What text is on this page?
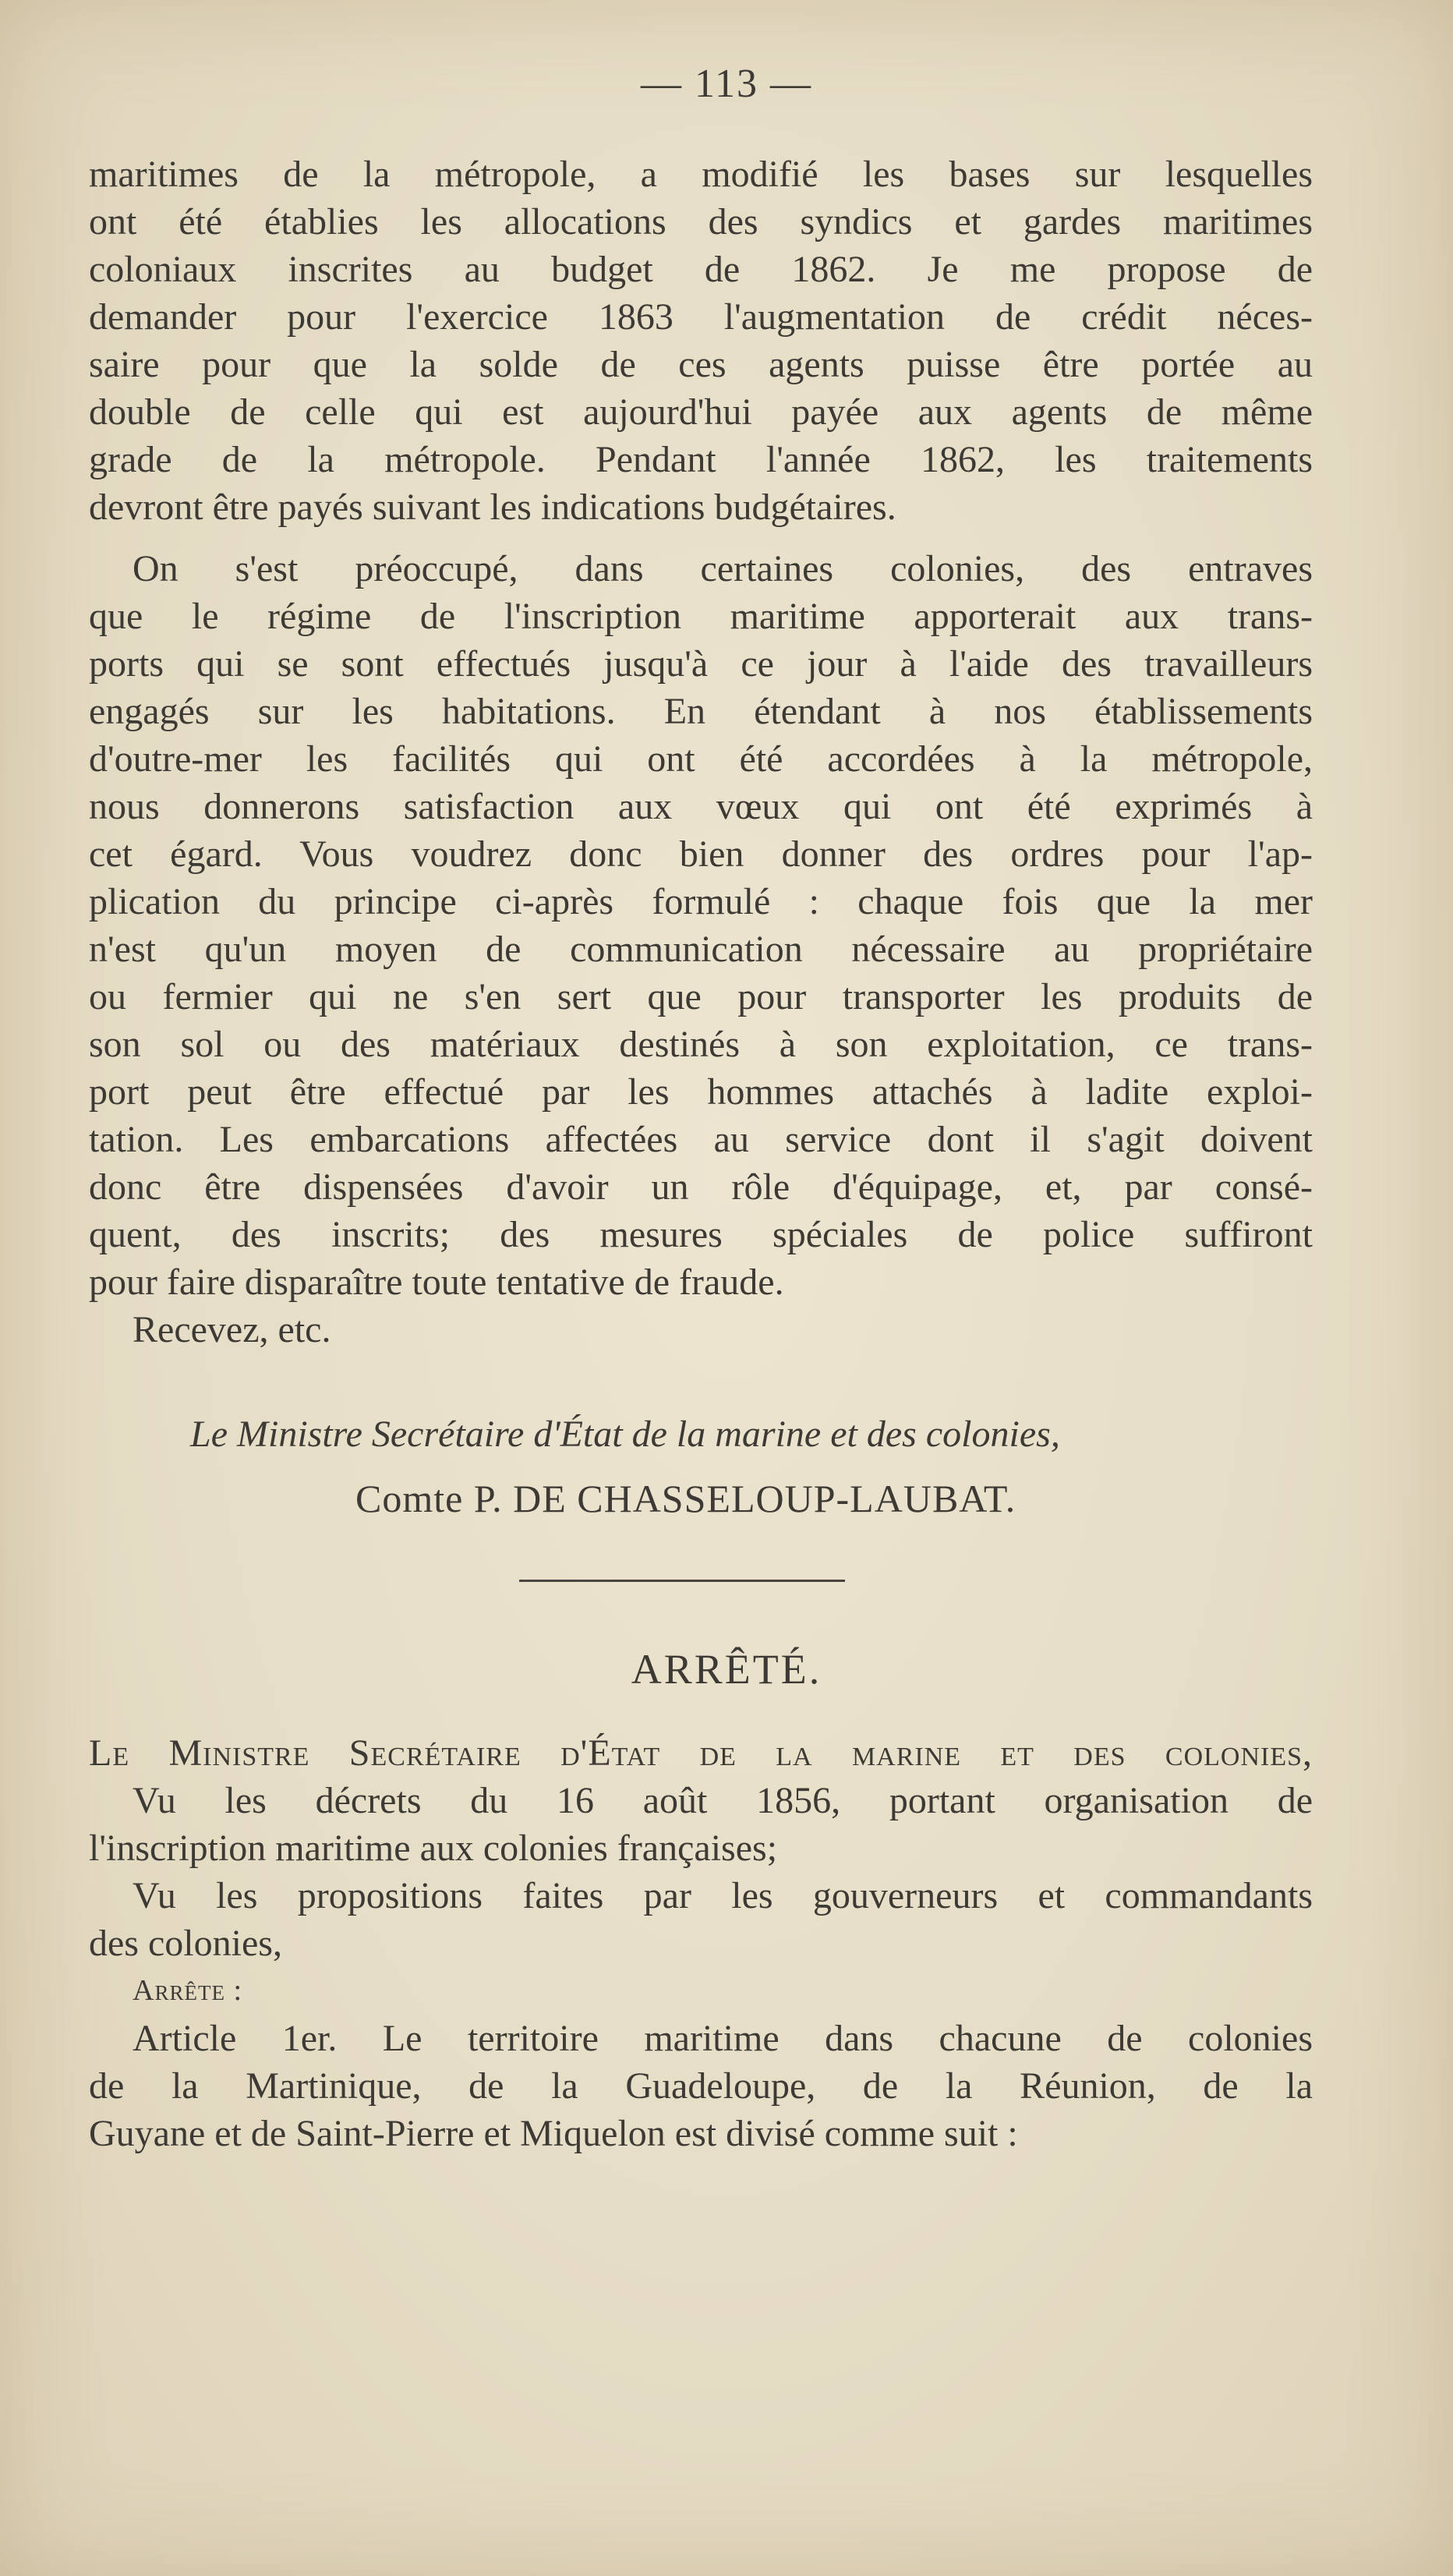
— 113 —
maritimes de la métropole, a modifié les bases sur lesquelles
ont été établies les allocations des syndics et gardes maritimes
coloniaux inscrites au budget de 1862. Je me propose de
demander pour l'exercice 1863 l'augmentation de crédit néces-
saire pour que la solde de ces agents puisse être portée au
double de celle qui est aujourd'hui payée aux agents de même
grade de la métropole. Pendant l'année 1862, les traitements
devront être payés suivant les indications budgétaires.
On s'est préoccupé, dans certaines colonies, des entraves
que le régime de l'inscription maritime apporterait aux trans-
ports qui se sont effectués jusqu'à ce jour à l'aide des travailleurs
engagés sur les habitations. En étendant à nos établissements
d'outre-mer les facilités qui ont été accordées à la métropole,
nous donnerons satisfaction aux vœux qui ont été exprimés à
cet égard. Vous voudrez donc bien donner des ordres pour l'ap-
plication du principe ci-après formulé : chaque fois que la mer
n'est qu'un moyen de communication nécessaire au propriétaire
ou fermier qui ne s'en sert que pour transporter les produits de
son sol ou des matériaux destinés à son exploitation, ce trans-
port peut être effectué par les hommes attachés à ladite exploi-
tation. Les embarcations affectées au service dont il s'agit doivent
donc être dispensées d'avoir un rôle d'équipage, et, par consé-
quent, des inscrits; des mesures spéciales de police suffiront
pour faire disparaître toute tentative de fraude.
Recevez, etc.
Le Ministre Secrétaire d'État de la marine et des colonies,
Comte P. DE CHASSELOUP-LAUBAT.
ARRÊTÉ.
Le Ministre Secrétaire d'État de la marine et des colonies,
Vu les décrets du 16 août 1856, portant organisation de
l'inscription maritime aux colonies françaises;
Vu les propositions faites par les gouverneurs et commandants
des colonies,
Arrête :
Article 1er. Le territoire maritime dans chacune de colonies
de la Martinique, de la Guadeloupe, de la Réunion, de la
Guyane et de Saint-Pierre et Miquelon est divisé comme suit :
